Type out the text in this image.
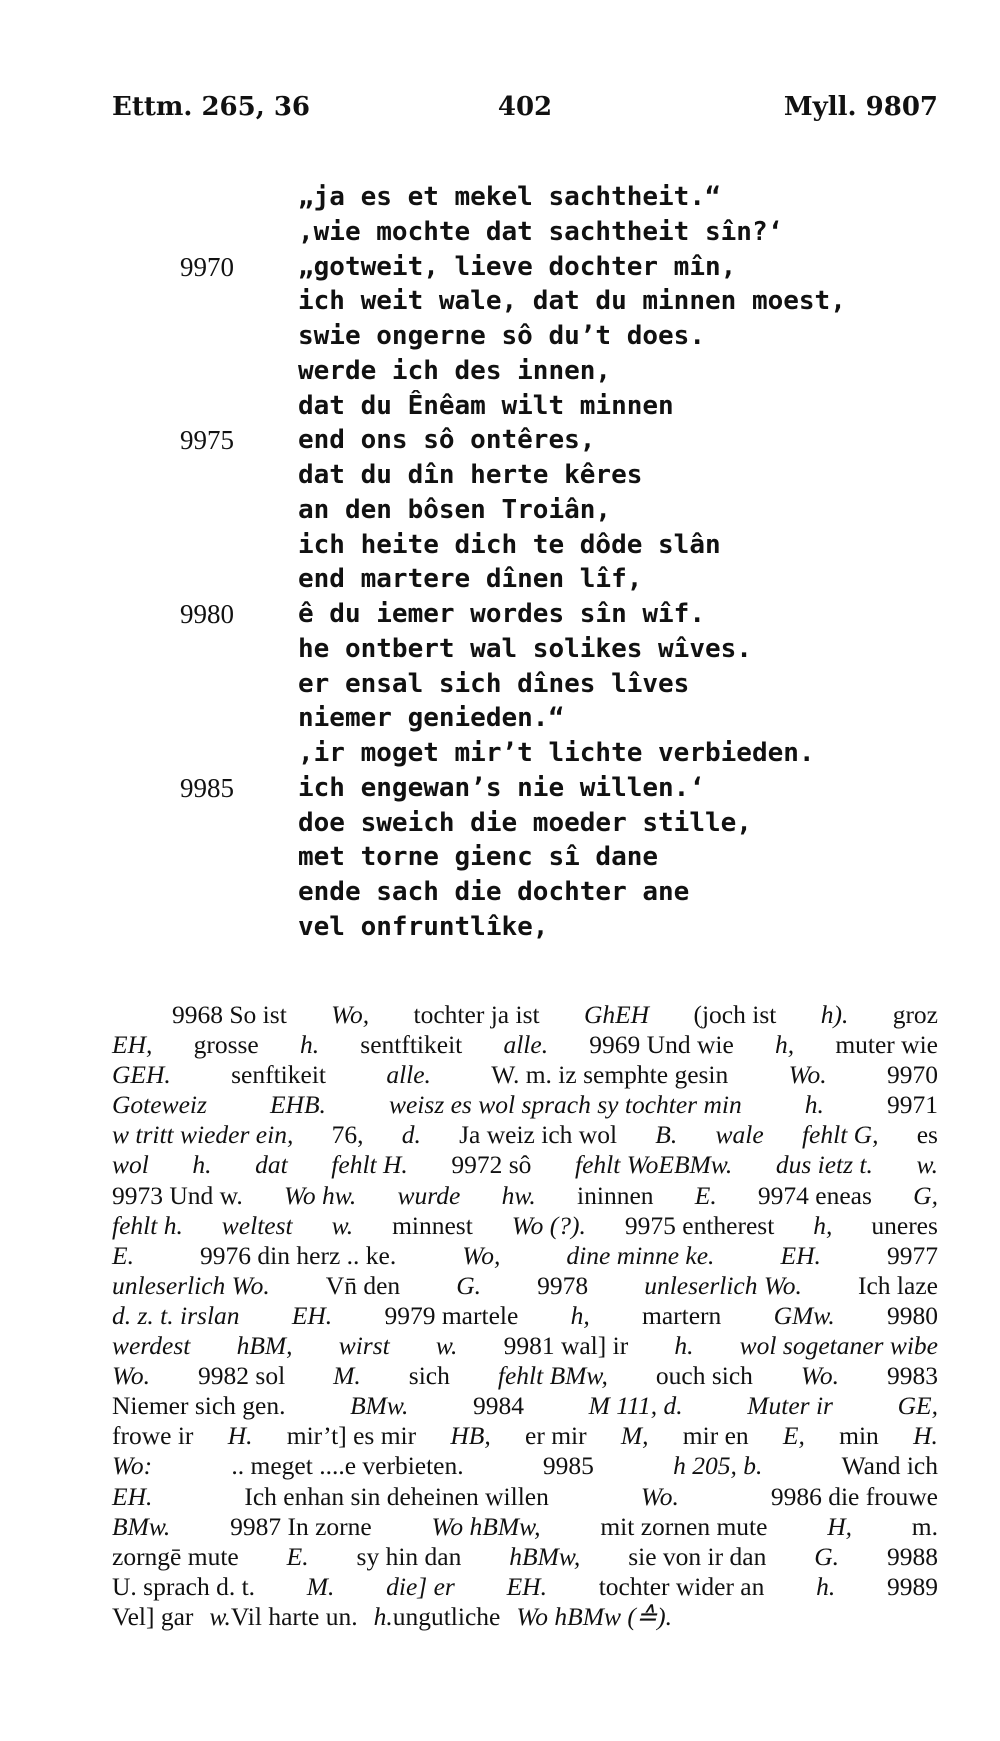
Ettm. 265, 36	402	Myll. 9807
„ja es et mekel sachtheit.“
‚wie mochte dat sachtheit sîn?‘
9970	„gotweit, lieve dochter mîn,
ich weit wale, dat du minnen moest,
swie ongerne sô du’t does.
werde ich des innen,
dat du Ênêam wilt minnen
9975	end ons sô ontêres,
dat du dîn herte kêres
an den bôsen Troiân,
ich heite dich te dôde slân
end martere dînen lîf,
9980	ê du iemer wordes sîn wîf.
he ontbert wal solikes wîves.
er ensal sich dînes lîves
niemer genieden.“
‚ir moget mir’t lichte verbieden.
9985	ich engewan’s nie willen.‘
doe sweich die moeder stille,
met torne gienc sî dane
ende sach die dochter ane
vel onfruntlîke,
9968 So ist Wo, tochter ja ist GhEH (joch ist h). groz
EH, grosse h. sentftikeit alle. 9969 Und wie h, muter wie
GEH. senftikeit alle. W. m. iz semphte gesin Wo. 9970
Goteweiz EHB. weisz es wol sprach sy tochter min h. 9971
w tritt wieder ein, 76, d. Ja weiz ich wol B. wale fehlt G, es
wol h. dat fehlt H. 9972 sô fehlt WoEBMw. dus ietz t. w.
9973 Und w. Wo hw. wurde hw. ininnen E. 9974 eneas G,
fehlt h. weltest w. minnest Wo (?). 9975 entherest h, uneres
E.	9976 din herz .. ke.	Wo,	dine minne ke.	EH.	9977
unleserlich Wo. Vn̄ den G. 9978 unleserlich Wo. Ich laze
d. z. t. irslan EH. 9979 martele h, martern GMw. 9980
werdest hBM, wirst w. 9981 wal] ir h. wol sogetaner wibe
Wo. 9982 sol M. sich fehlt BMw, ouch sich Wo. 9983
Niemer sich gen.	BMw.	9984	M 111, d.	Muter ir	GE,
frowe ir H. mir’t] es mir HB, er mir M, mir en E, min H.
Wo:	.. meget ....e verbieten.	9985	h 205, b.	Wand ich
EH.	Ich enhan sin deheinen willen	Wo.	9986 die frouwe
BMw. 9987 In zorne Wo hBMw, mit zornen mute H, m.
zorngē mute E. sy hin dan hBMw, sie von ir dan G. 9988
U. sprach d. t. M. die] er EH. tochter wider an h. 9989
Vel] gar w. Vil harte un. h. ungutliche Wo hBMw (≙).
